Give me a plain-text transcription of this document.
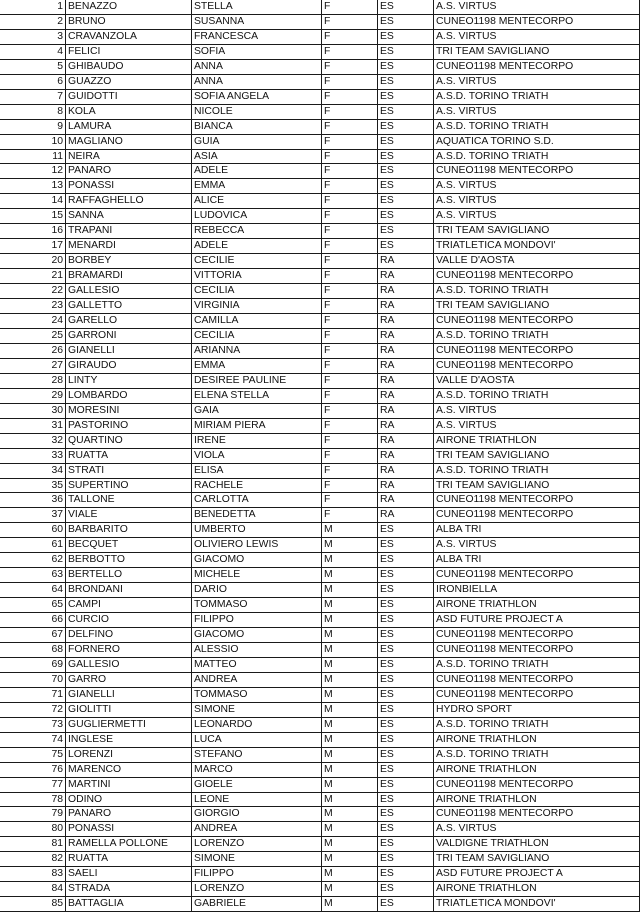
1 BENAZZO	STELLA	F	ES	A.S. VIRTUS
2 BRUNO	SUSANNA	F	ES	CUNEO1198 MENTECORPO
3 CRAVANZOLA	FRANCESCA	F	ES	A.S. VIRTUS
4 FELICI	SOFIA	F	ES	TRI TEAM SAVIGLIANO
5 GHIBAUDO	ANNA	F	ES	CUNEO1198 MENTECORPO
6 GUAZZO	ANNA	F	ES	A.S. VIRTUS
7 GUIDOTTI	SOFIA ANGELA	F	ES	A.S.D. TORINO TRIATH
8 KOLA	NICOLE	F	ES	A.S. VIRTUS
9 LAMURA	BIANCA	F	ES	A.S.D. TORINO TRIATH
10 MAGLIANO	GUIA	F	ES	AQUATICA TORINO S.D.
11 NEIRA	ASIA	F	ES	A.S.D. TORINO TRIATH
12 PANARO	ADELE	F	ES	CUNEO1198 MENTECORPO
13 PONASSI	EMMA	F	ES	A.S. VIRTUS
14 RAFFAGHELLO	ALICE	F	ES	A.S. VIRTUS
15 SANNA	LUDOVICA	F	ES	A.S. VIRTUS
16 TRAPANI	REBECCA	F	ES	TRI TEAM SAVIGLIANO
17 MENARDI	ADELE	F	ES	TRIATLETICA MONDOVI'
20 BORBEY	CECILIE	F	RA	VALLE D'AOSTA
21 BRAMARDI	VITTORIA	F	RA	CUNEO1198 MENTECORPO
22 GALLESIO	CECILIA	F	RA	A.S.D. TORINO TRIATH
23 GALLETTO	VIRGINIA	F	RA	TRI TEAM SAVIGLIANO
24 GARELLO	CAMILLA	F	RA	CUNEO1198 MENTECORPO
25 GARRONI	CECILIA	F	RA	A.S.D. TORINO TRIATH
26 GIANELLI	ARIANNA	F	RA	CUNEO1198 MENTECORPO
27 GIRAUDO	EMMA	F	RA	CUNEO1198 MENTECORPO
28 LINTY	DESIREE PAULINE	F	RA	VALLE D'AOSTA
29 LOMBARDO	ELENA STELLA	F	RA	A.S.D. TORINO TRIATH
30 MORESINI	GAIA	F	RA	A.S. VIRTUS
31 PASTORINO	MIRIAM PIERA	F	RA	A.S. VIRTUS
32 QUARTINO	IRENE	F	RA	AIRONE TRIATHLON
33 RUATTA	VIOLA	F	RA	TRI TEAM SAVIGLIANO
34 STRATI	ELISA	F	RA	A.S.D. TORINO TRIATH
35 SUPERTINO	RACHELE	F	RA	TRI TEAM SAVIGLIANO
36 TALLONE	CARLOTTA	F	RA	CUNEO1198 MENTECORPO
37 VIALE	BENEDETTA	F	RA	CUNEO1198 MENTECORPO
60 BARBARITO	UMBERTO	M	ES	ALBA TRI
61 BECQUET	OLIVIERO LEWIS	M	ES	A.S. VIRTUS
62 BERBOTTO	GIACOMO	M	ES	ALBA TRI
63 BERTELLO	MICHELE	M	ES	CUNEO1198 MENTECORPO
64 BRONDANI	DARIO	M	ES	IRONBIELLA
65 CAMPI	TOMMASO	M	ES	AIRONE TRIATHLON
66 CURCIO	FILIPPO	M	ES	ASD FUTURE PROJECT A
67 DELFINO	GIACOMO	M	ES	CUNEO1198 MENTECORPO
68 FORNERO	ALESSIO	M	ES	CUNEO1198 MENTECORPO
69 GALLESIO	MATTEO	M	ES	A.S.D. TORINO TRIATH
70 GARRO	ANDREA	M	ES	CUNEO1198 MENTECORPO
71 GIANELLI	TOMMASO	M	ES	CUNEO1198 MENTECORPO
72 GIOLITTI	SIMONE	M	ES	HYDRO SPORT
73 GUGLIERMETTI	LEONARDO	M	ES	A.S.D. TORINO TRIATH
74 INGLESE	LUCA	M	ES	AIRONE TRIATHLON
75 LORENZI	STEFANO	M	ES	A.S.D. TORINO TRIATH
76 MARENCO	MARCO	M	ES	AIRONE TRIATHLON
77 MARTINI	GIOELE	M	ES	CUNEO1198 MENTECORPO
78 ODINO	LEONE	M	ES	AIRONE TRIATHLON
79 PANARO	GIORGIO	M	ES	CUNEO1198 MENTECORPO
80 PONASSI	ANDREA	M	ES	A.S. VIRTUS
81 RAMELLA POLLONE	LORENZO	M	ES	VALDIGNE TRIATHLON
82 RUATTA	SIMONE	M	ES	TRI TEAM SAVIGLIANO
83 SAELI	FILIPPO	M	ES	ASD FUTURE PROJECT A
84 STRADA	LORENZO	M	ES	AIRONE TRIATHLON
85 BATTAGLIA	GABRIELE	M	ES	TRIATLETICA MONDOVI'
